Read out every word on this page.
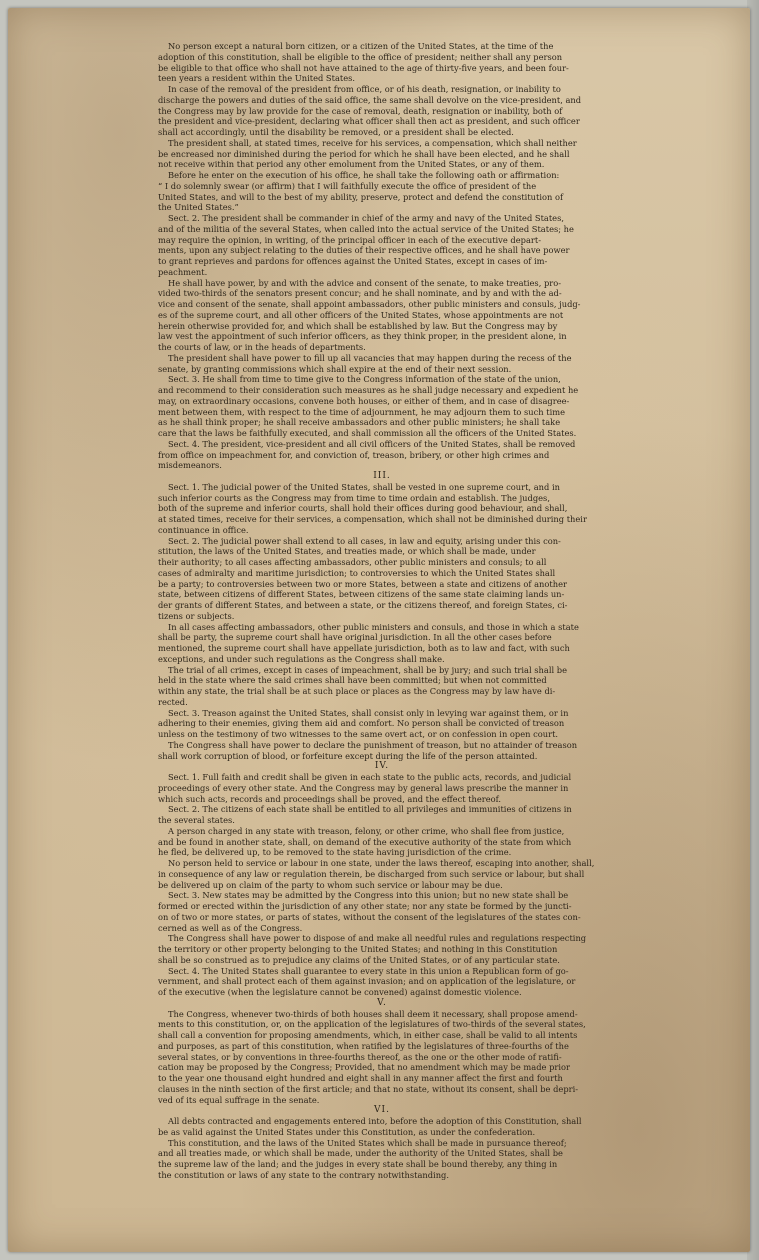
No person except a natural born citizen, or a citizen of the United States, at the time of the
adoption of this constitution, shall be eligible to the office of president; neither shall any person
be eligible to that office who shall not have attained to the age of thirty-five years, and been four-
teen years a resident within the United States.
In case of the removal of the president from office, or of his death, resignation, or inability to
discharge the powers and duties of the said office, the same shall devolve on the vice-president, and
the Congress may by law provide for the case of removal, death, resignation or inability, both of
the president and vice-president, declaring what officer shall then act as president, and such officer
shall act accordingly, until the disability be removed, or a president shall be elected.
The president shall, at stated times, receive for his services, a compensation, which shall neither
be encreased nor diminished during the period for which he shall have been elected, and he shall
not receive within that period any other emolument from the United States, or any of them.
Before he enter on the execution of his office, he shall take the following oath or affirmation:
“ I do solemnly swear (or affirm) that I will faithfully execute the office of president of the
United States, and will to the best of my ability, preserve, protect and defend the constitution of
the United States.”
Sect. 2. The president shall be commander in chief of the army and navy of the United States,
and of the militia of the several States, when called into the actual service of the United States; he
may require the opinion, in writing, of the principal officer in each of the executive depart-
ments, upon any subject relating to the duties of their respective offices, and he shall have power
to grant reprieves and pardons for offences against the United States, except in cases of im-
peachment.
He shall have power, by and with the advice and consent of the senate, to make treaties, pro-
vided two-thirds of the senators present concur; and he shall nominate, and by and with the ad-
vice and consent of the senate, shall appoint ambassadors, other public ministers and consuls, judg-
es of the supreme court, and all other officers of the United States, whose appointments are not
herein otherwise provided for, and which shall be established by law. But the Congress may by
law vest the appointment of such inferior officers, as they think proper, in the president alone, in
the courts of law, or in the heads of departments.
The president shall have power to fill up all vacancies that may happen during the recess of the
senate, by granting commissions which shall expire at the end of their next session.
Sect. 3. He shall from time to time give to the Congress information of the state of the union,
and recommend to their consideration such measures as he shall judge necessary and expedient he
may, on extraordinary occasions, convene both houses, or either of them, and in case of disagree-
ment between them, with respect to the time of adjournment, he may adjourn them to such time
as he shall think proper; he shall receive ambassadors and other public ministers; he shall take
care that the laws be faithfully executed, and shall commission all the officers of the United States.
Sect. 4. The president, vice-president and all civil officers of the United States, shall be removed
from office on impeachment for, and conviction of, treason, bribery, or other high crimes and
misdemeanors.
III.
Sect. 1. The judicial power of the United States, shall be vested in one supreme court, and in
such inferior courts as the Congress may from time to time ordain and establish. The judges,
both of the supreme and inferior courts, shall hold their offices during good behaviour, and shall,
at stated times, receive for their services, a compensation, which shall not be diminished during their
continuance in office.
Sect. 2. The judicial power shall extend to all cases, in law and equity, arising under this con-
stitution, the laws of the United States, and treaties made, or which shall be made, under
their authority; to all cases affecting ambassadors, other public ministers and consuls; to all
cases of admiralty and maritime jurisdiction; to controversies to which the United States shall
be a party; to controversies between two or more States, between a state and citizens of another
state, between citizens of different States, between citizens of the same state claiming lands un-
der grants of different States, and between a state, or the citizens thereof, and foreign States, ci-
tizens or subjects.
In all cases affecting ambassadors, other public ministers and consuls, and those in which a state
shall be party, the supreme court shall have original jurisdiction. In all the other cases before
mentioned, the supreme court shall have appellate jurisdiction, both as to law and fact, with such
exceptions, and under such regulations as the Congress shall make.
The trial of all crimes, except in cases of impeachment, shall be by jury; and such trial shall be
held in the state where the said crimes shall have been committed; but when not committed
within any state, the trial shall be at such place or places as the Congress may by law have di-
rected.
Sect. 3. Treason against the United States, shall consist only in levying war against them, or in
adhering to their enemies, giving them aid and comfort. No person shall be convicted of treason
unless on the testimony of two witnesses to the same overt act, or on confession in open court.
The Congress shall have power to declare the punishment of treason, but no attainder of treason
shall work corruption of blood, or forfeiture except during the life of the person attainted.
IV.
Sect. 1. Full faith and credit shall be given in each state to the public acts, records, and judicial
proceedings of every other state. And the Congress may by general laws prescribe the manner in
which such acts, records and proceedings shall be proved, and the effect thereof.
Sect. 2. The citizens of each state shall be entitled to all privileges and immunities of citizens in
the several states.
A person charged in any state with treason, felony, or other crime, who shall flee from justice,
and be found in another state, shall, on demand of the executive authority of the state from which
he fled, be delivered up, to be removed to the state having jurisdiction of the crime.
No person held to service or labour in one state, under the laws thereof, escaping into another, shall,
in consequence of any law or regulation therein, be discharged from such service or labour, but shall
be delivered up on claim of the party to whom such service or labour may be due.
Sect. 3. New states may be admitted by the Congress into this union; but no new state shall be
formed or erected within the jurisdiction of any other state; nor any state be formed by the juncti-
on of two or more states, or parts of states, without the consent of the legislatures of the states con-
cerned as well as of the Congress.
The Congress shall have power to dispose of and make all needful rules and regulations respecting
the territory or other property belonging to the United States; and nothing in this Constitution
shall be so construed as to prejudice any claims of the United States, or of any particular state.
Sect. 4. The United States shall guarantee to every state in this union a Republican form of go-
vernment, and shall protect each of them against invasion; and on application of the legislature, or
of the executive (when the legislature cannot be convened) against domestic violence.
V.
The Congress, whenever two-thirds of both houses shall deem it necessary, shall propose amend-
ments to this constitution, or, on the application of the legislatures of two-thirds of the several states,
shall call a convention for proposing amendments, which, in either case, shall be valid to all intents
and purposes, as part of this constitution, when ratified by the legislatures of three-fourths of the
several states, or by conventions in three-fourths thereof, as the one or the other mode of ratifi-
cation may be proposed by the Congress; Provided, that no amendment which may be made prior
to the year one thousand eight hundred and eight shall in any manner affect the first and fourth
clauses in the ninth section of the first article; and that no state, without its consent, shall be depri-
ved of its equal suffrage in the senate.
VI.
All debts contracted and engagements entered into, before the adoption of this Constitution, shall
be as valid against the United States under this Constitution, as under the confederation.
This constitution, and the laws of the United States which shall be made in pursuance thereof;
and all treaties made, or which shall be made, under the authority of the United States, shall be
the supreme law of the land; and the judges in every state shall be bound thereby, any thing in
the constitution or laws of any state to the contrary notwithstanding.
